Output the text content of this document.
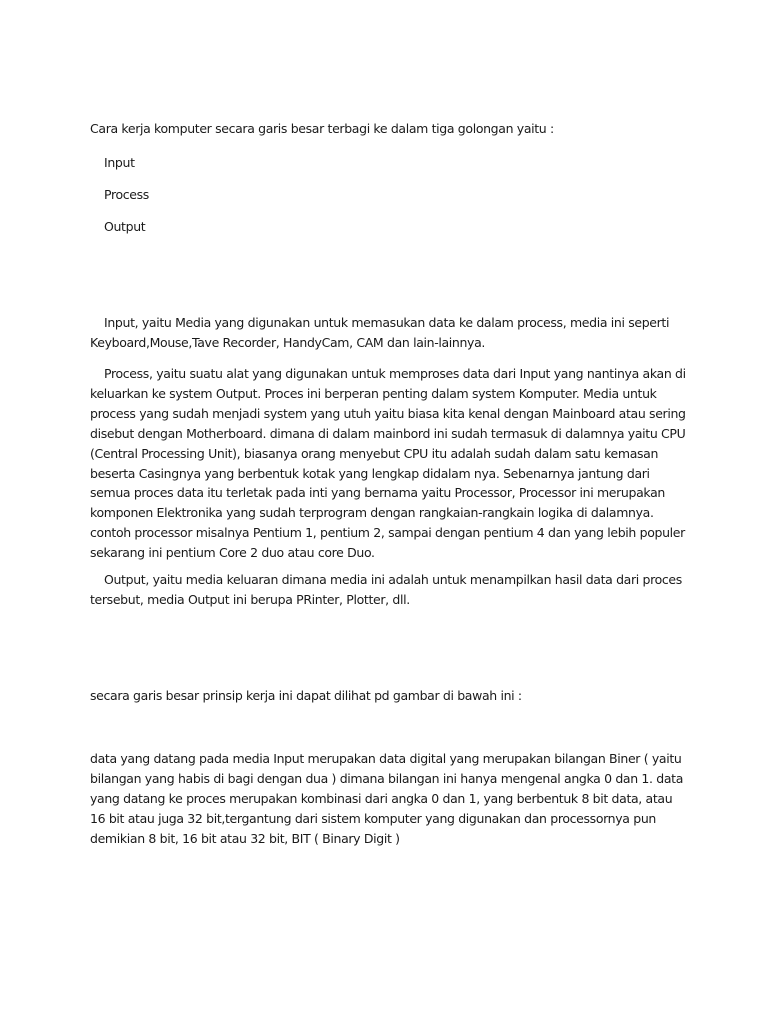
Cara kerja komputer secara garis besar terbagi ke dalam tiga golongan yaitu :

Input

Process

Output

Input, yaitu Media yang digunakan untuk memasukan data ke dalam process, media ini seperti Keyboard,Mouse,Tave Recorder, HandyCam, CAM dan lain-lainnya.

Process, yaitu suatu alat yang digunakan untuk memproses data dari Input yang nantinya akan di keluarkan ke system Output. Proces ini berperan penting dalam system Komputer. Media untuk process yang sudah menjadi system yang utuh yaitu biasa kita kenal dengan Mainboard atau sering disebut dengan Motherboard. dimana di dalam mainbord ini sudah termasuk di dalamnya yaitu CPU (Central Processing Unit), biasanya orang menyebut CPU itu adalah sudah dalam satu kemasan beserta Casingnya yang berbentuk kotak yang lengkap didalam nya. Sebenarnya jantung dari semua proces data itu terletak pada inti yang bernama yaitu Processor, Processor ini merupakan komponen Elektronika yang sudah terprogram dengan rangkaian-rangkain logika di dalamnya. contoh processor misalnya Pentium 1, pentium 2, sampai dengan pentium 4 dan yang lebih populer sekarang ini pentium Core 2 duo atau core Duo.

Output, yaitu media keluaran dimana media ini adalah untuk menampilkan hasil data dari proces tersebut, media Output ini berupa PRinter, Plotter, dll.

secara garis besar prinsip kerja ini dapat dilihat pd gambar di bawah ini :

data yang datang pada media Input merupakan data digital yang merupakan bilangan Biner ( yaitu bilangan yang habis di bagi dengan dua ) dimana bilangan ini hanya mengenal angka 0 dan 1. data yang datang ke proces merupakan kombinasi dari angka 0 dan 1, yang berbentuk 8 bit data, atau 16 bit atau juga 32 bit,tergantung dari sistem komputer yang digunakan dan processornya pun demikian 8 bit, 16 bit atau 32 bit, BIT ( Binary Digit )
